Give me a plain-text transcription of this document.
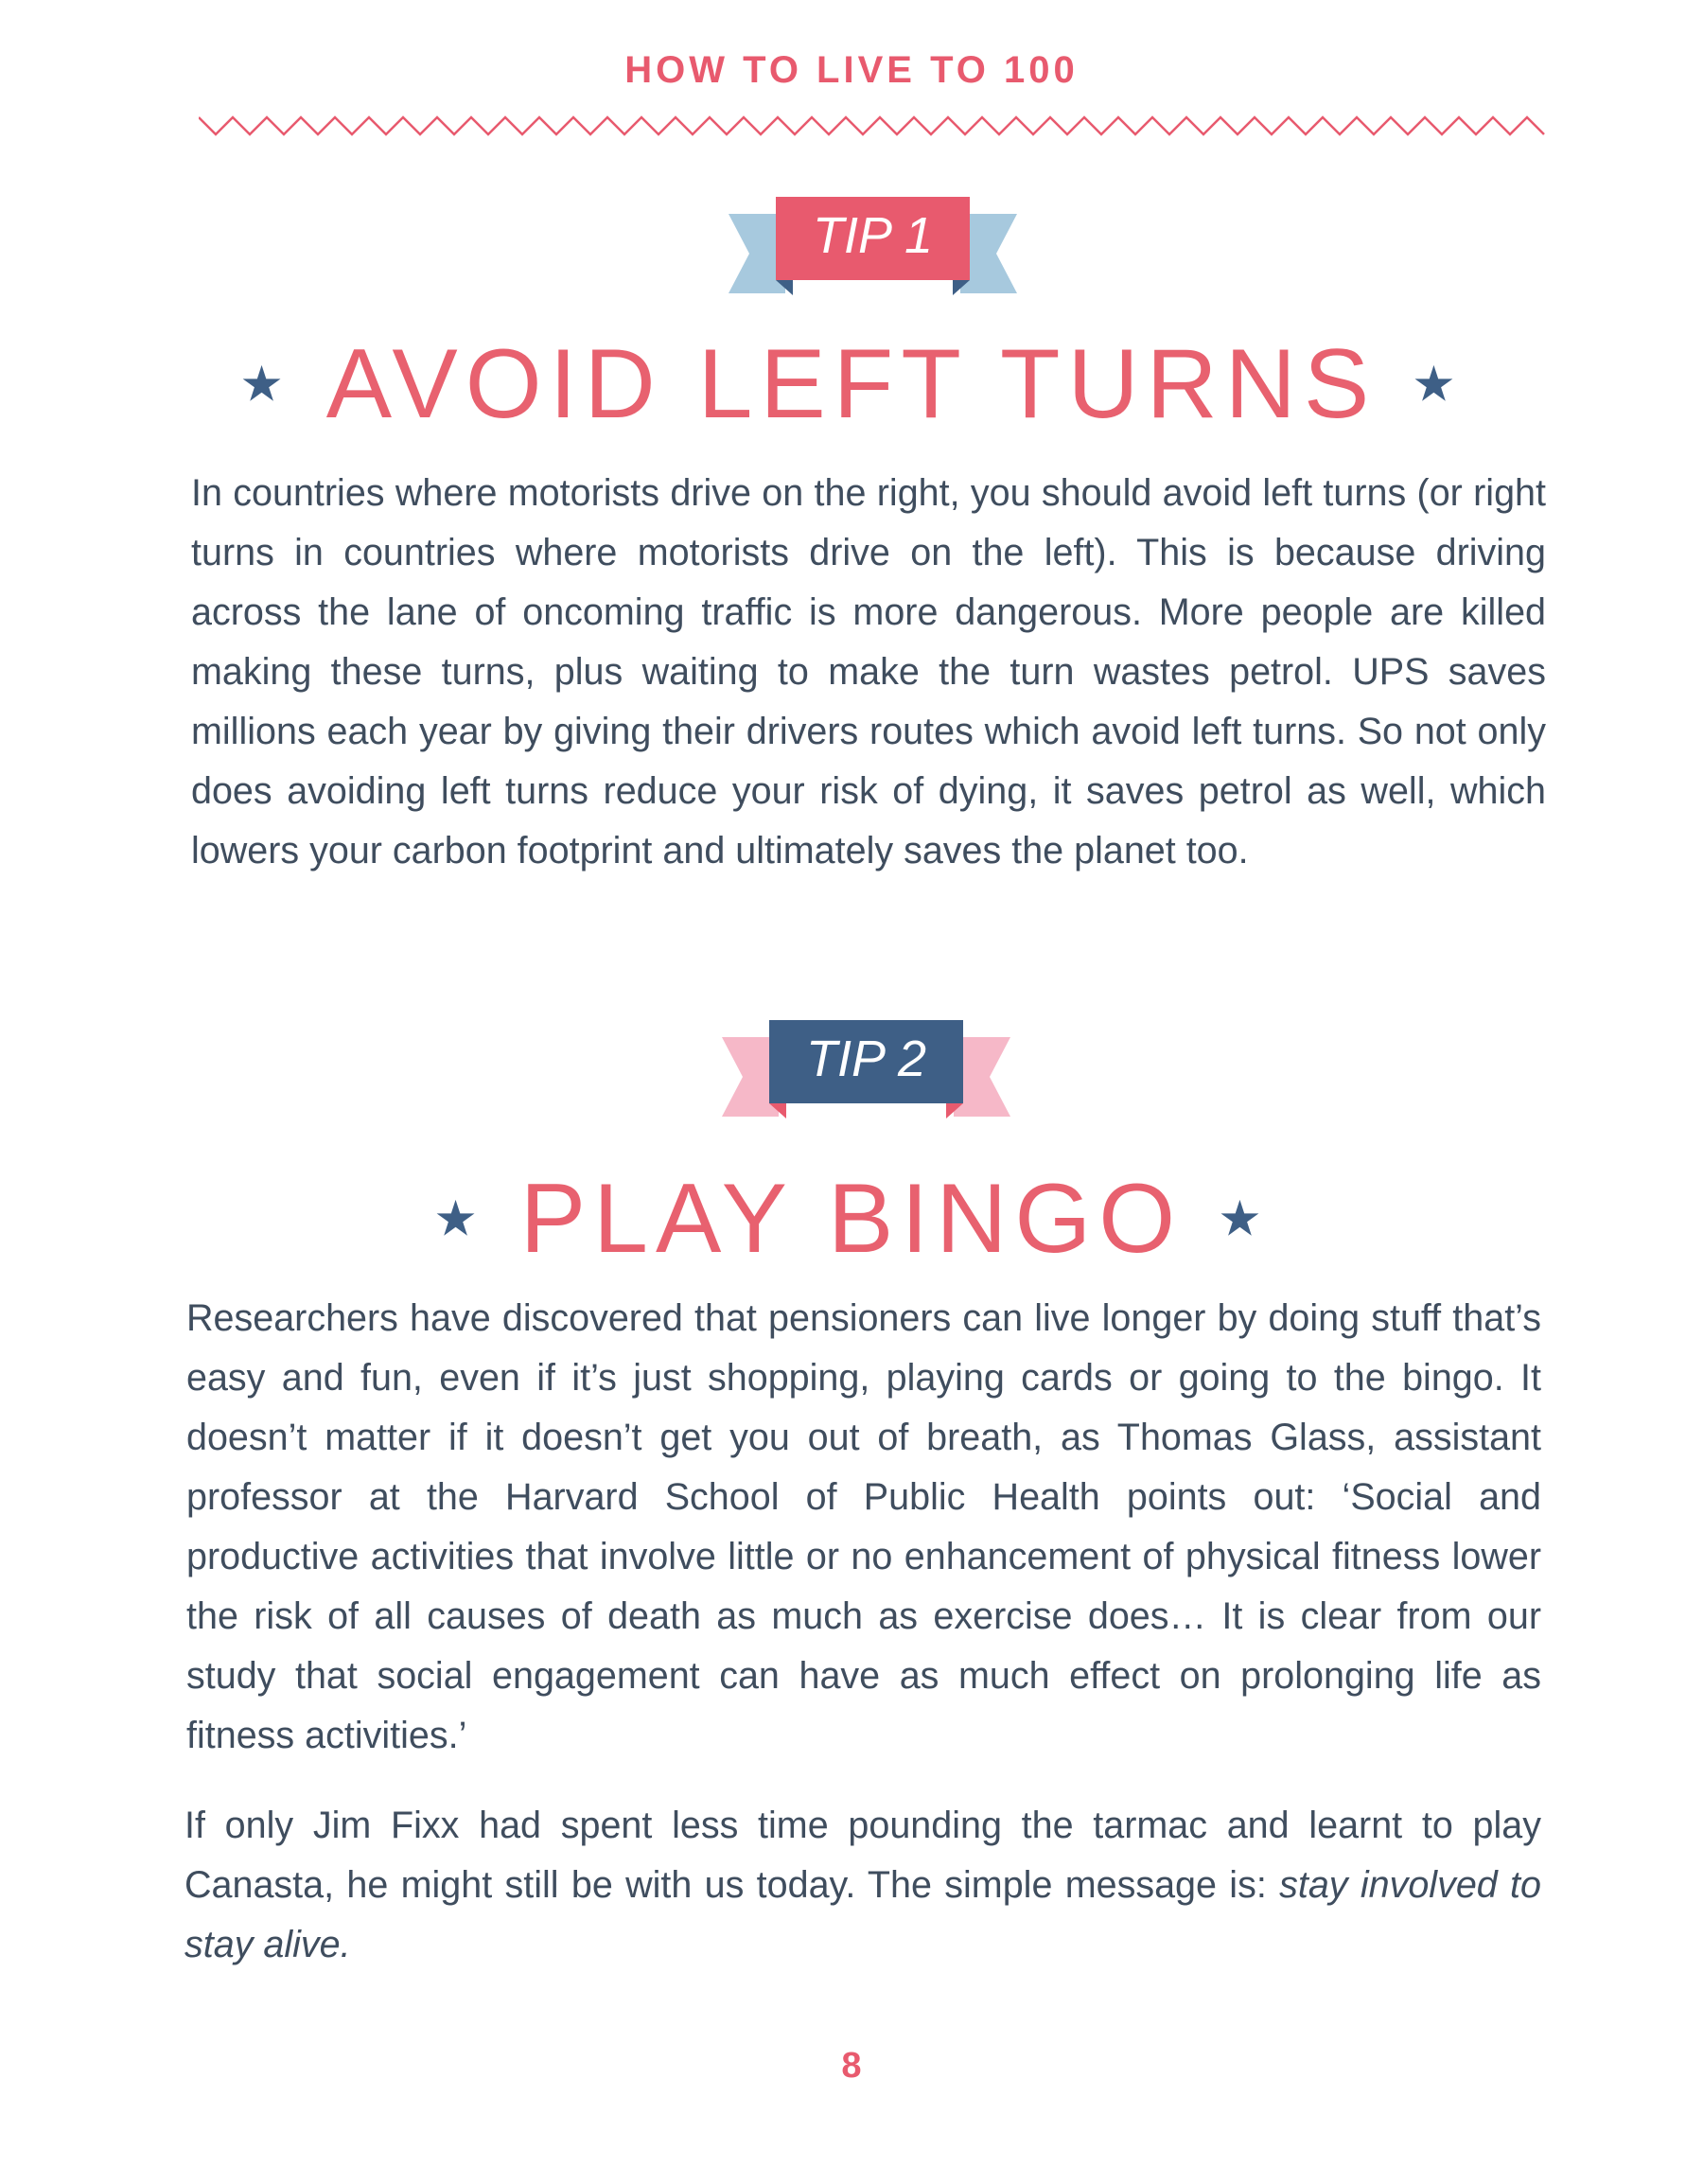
HOW TO LIVE TO 100
TIP 1
★ AVOID LEFT TURNS ★

In countries where motorists drive on the right, you should avoid left turns (or right turns in countries where motorists drive on the left). This is because driving across the lane of oncoming traffic is more dangerous. More people are killed making these turns, plus waiting to make the turn wastes petrol. UPS saves millions each year by giving their drivers routes which avoid left turns. So not only does avoiding left turns reduce your risk of dying, it saves petrol as well, which lowers your carbon footprint and ultimately saves the planet too.

TIP 2
★ PLAY BINGO ★

Researchers have discovered that pensioners can live longer by doing stuff that’s easy and fun, even if it’s just shopping, playing cards or going to the bingo. It doesn’t matter if it doesn’t get you out of breath, as Thomas Glass, assistant professor at the Harvard School of Public Health points out: ‘Social and productive activities that involve little or no enhancement of physical fitness lower the risk of all causes of death as much as exercise does… It is clear from our study that social engagement can have as much effect on prolonging life as fitness activities.’

If only Jim Fixx had spent less time pounding the tarmac and learnt to play Canasta, he might still be with us today. The simple message is: stay involved to stay alive.

8
